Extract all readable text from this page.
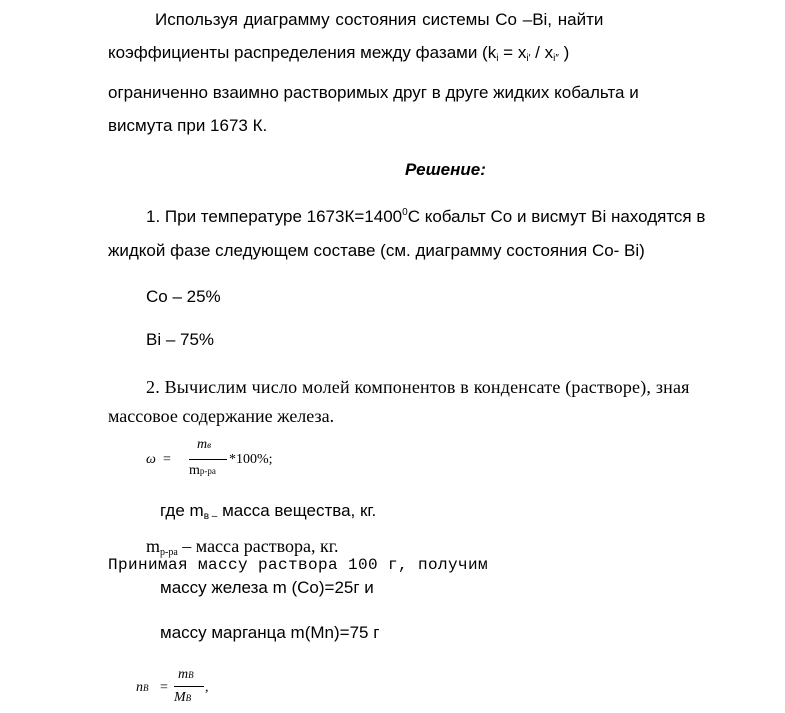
Используя диаграмму состояния системы Co –Bi, найти
коэффициенты распределения между фазами (ki = xi′ / xi″ )
ограниченно взаимно растворимых друг в друге жидких кобальта и
висмута при 1673 К.
Решение:
1. При температуре $1673К=1400^0С$ кобальт Co и висмут Bi находятся в
жидкой фазе следующем составе (см. диаграмму состояния Co- Bi)
Co – 25%
Bi – 75%
2. Вычислим число молей компонентов в конденсате (растворе), зная
массовое содержание железа.
ω =
mв
mр-ра
*100%;
где mв – масса вещества, кг.
mр-ра – масса раствора, кг.
Принимая массу раствора 100 г, получим
массу железа m (Co)=25г и
массу марганца m(Mn)=75 г
nB =
mB
MB
,
